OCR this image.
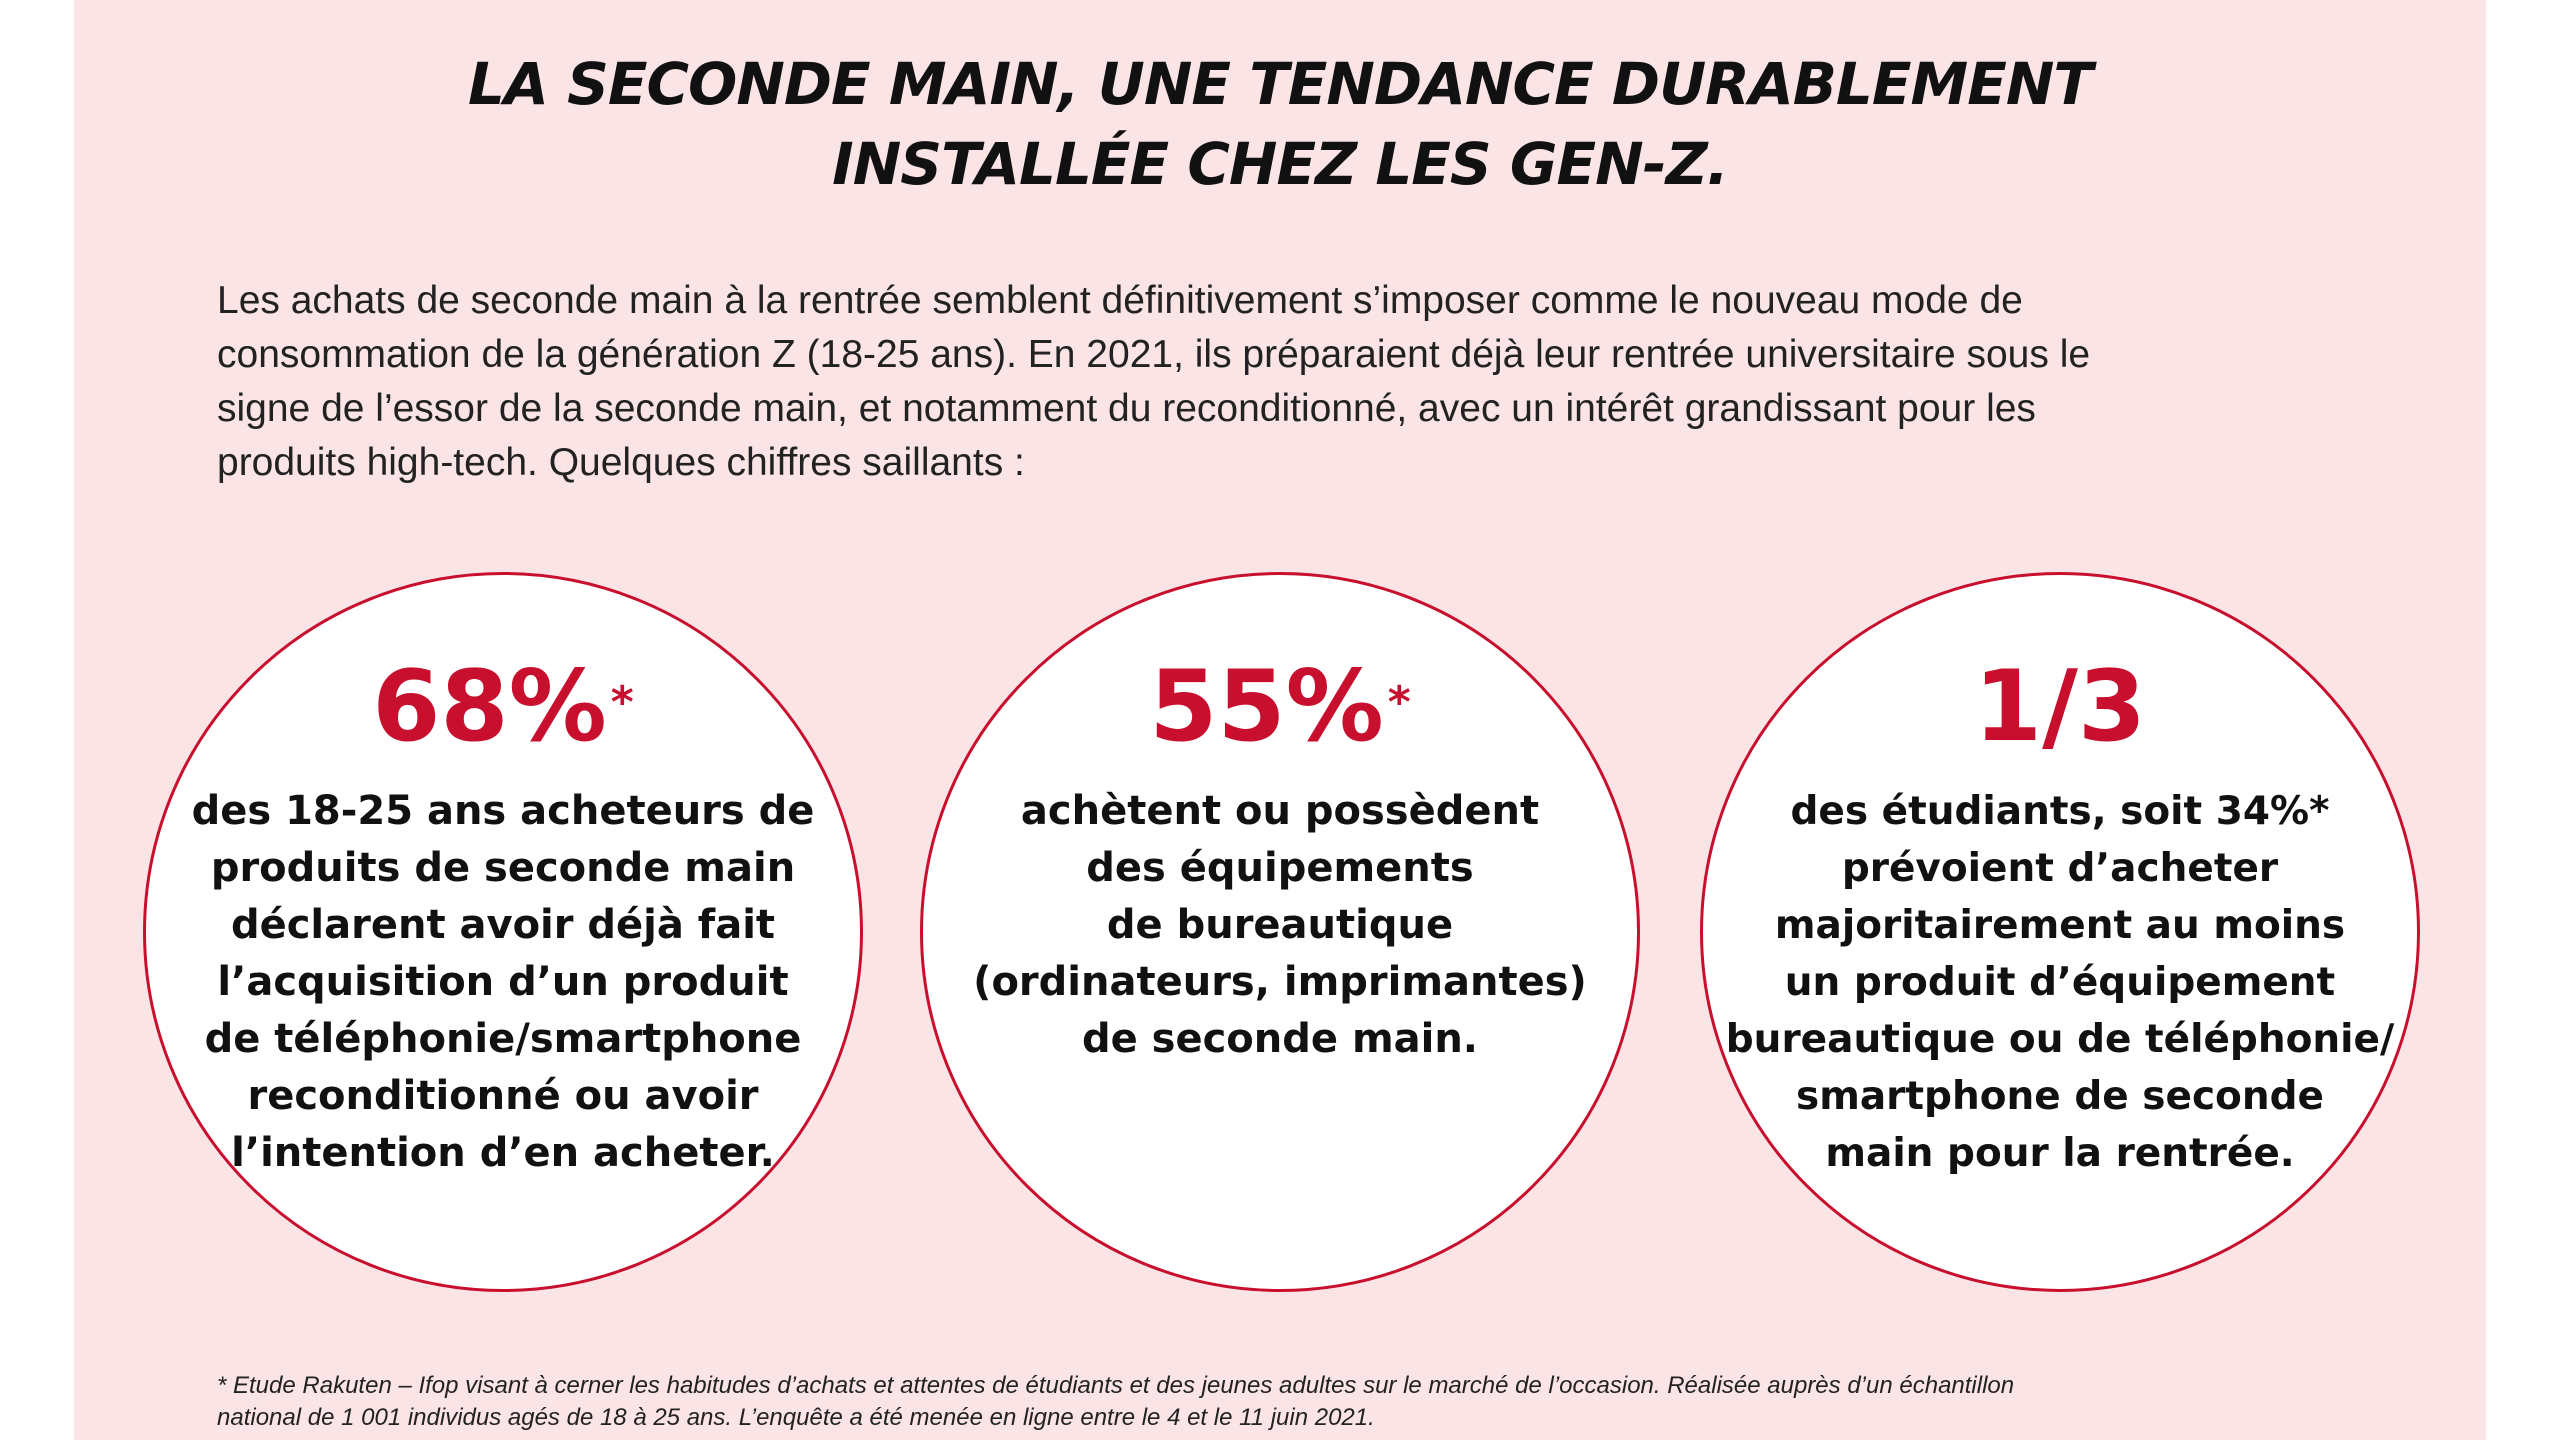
LA SECONDE MAIN, UNE TENDANCE DURABLEMENT
INSTALLÉE CHEZ LES GEN-Z.

Les achats de seconde main à la rentrée semblent définitivement s’imposer comme le nouveau mode de
consommation de la génération Z (18-25 ans). En 2021, ils préparaient déjà leur rentrée universitaire sous le
signe de l’essor de la seconde main, et notamment du reconditionné, avec un intérêt grandissant pour les
produits high-tech. Quelques chiffres saillants :

68%*
des 18-25 ans acheteurs de
produits de seconde main
déclarent avoir déjà fait
l’acquisition d’un produit
de téléphonie/smartphone
reconditionné ou avoir
l’intention d’en acheter.
55%*
achètent ou possèdent
des équipements
de bureautique
(ordinateurs, imprimantes)
de seconde main.
1/3
des étudiants, soit 34%*
prévoient d’acheter
majoritairement au moins
un produit d’équipement
bureautique ou de téléphonie/
smartphone de seconde
main pour la rentrée.

* Etude Rakuten – Ifop visant à cerner les habitudes d’achats et attentes de étudiants et des jeunes adultes sur le marché de l’occasion. Réalisée auprès d’un échantillon
national de 1 001 individus agés de 18 à 25 ans. L’enquête a été menée en ligne entre le 4 et le 11 juin 2021.
